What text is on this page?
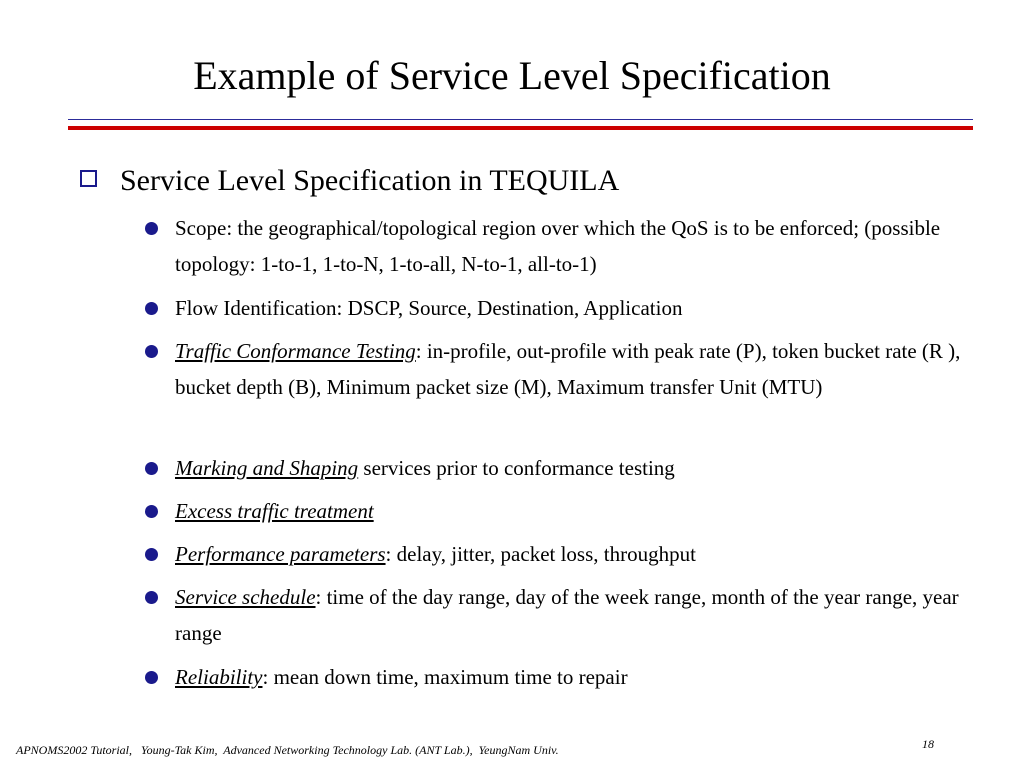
Example of Service Level Specification
Service Level Specification in TEQUILA
Scope: the geographical/topological region over which the QoS is to be enforced; (possible topology: 1-to-1, 1-to-N, 1-to-all, N-to-1, all-to-1)
Flow Identification: DSCP, Source, Destination, Application
Traffic Conformance Testing: in-profile, out-profile with peak rate (P), token bucket rate (R ), bucket depth (B), Minimum packet size (M), Maximum transfer Unit (MTU)
Marking and Shaping services prior to conformance testing
Excess traffic treatment
Performance parameters: delay, jitter, packet loss, throughput
Service schedule: time of the day range, day of the week range, month of the year range, year range
Reliability: mean down time, maximum time to repair
APNOMS2002 Tutorial,   Young-Tak Kim,  Advanced Networking Technology Lab. (ANT Lab.),  YeungNam Univ.	18
